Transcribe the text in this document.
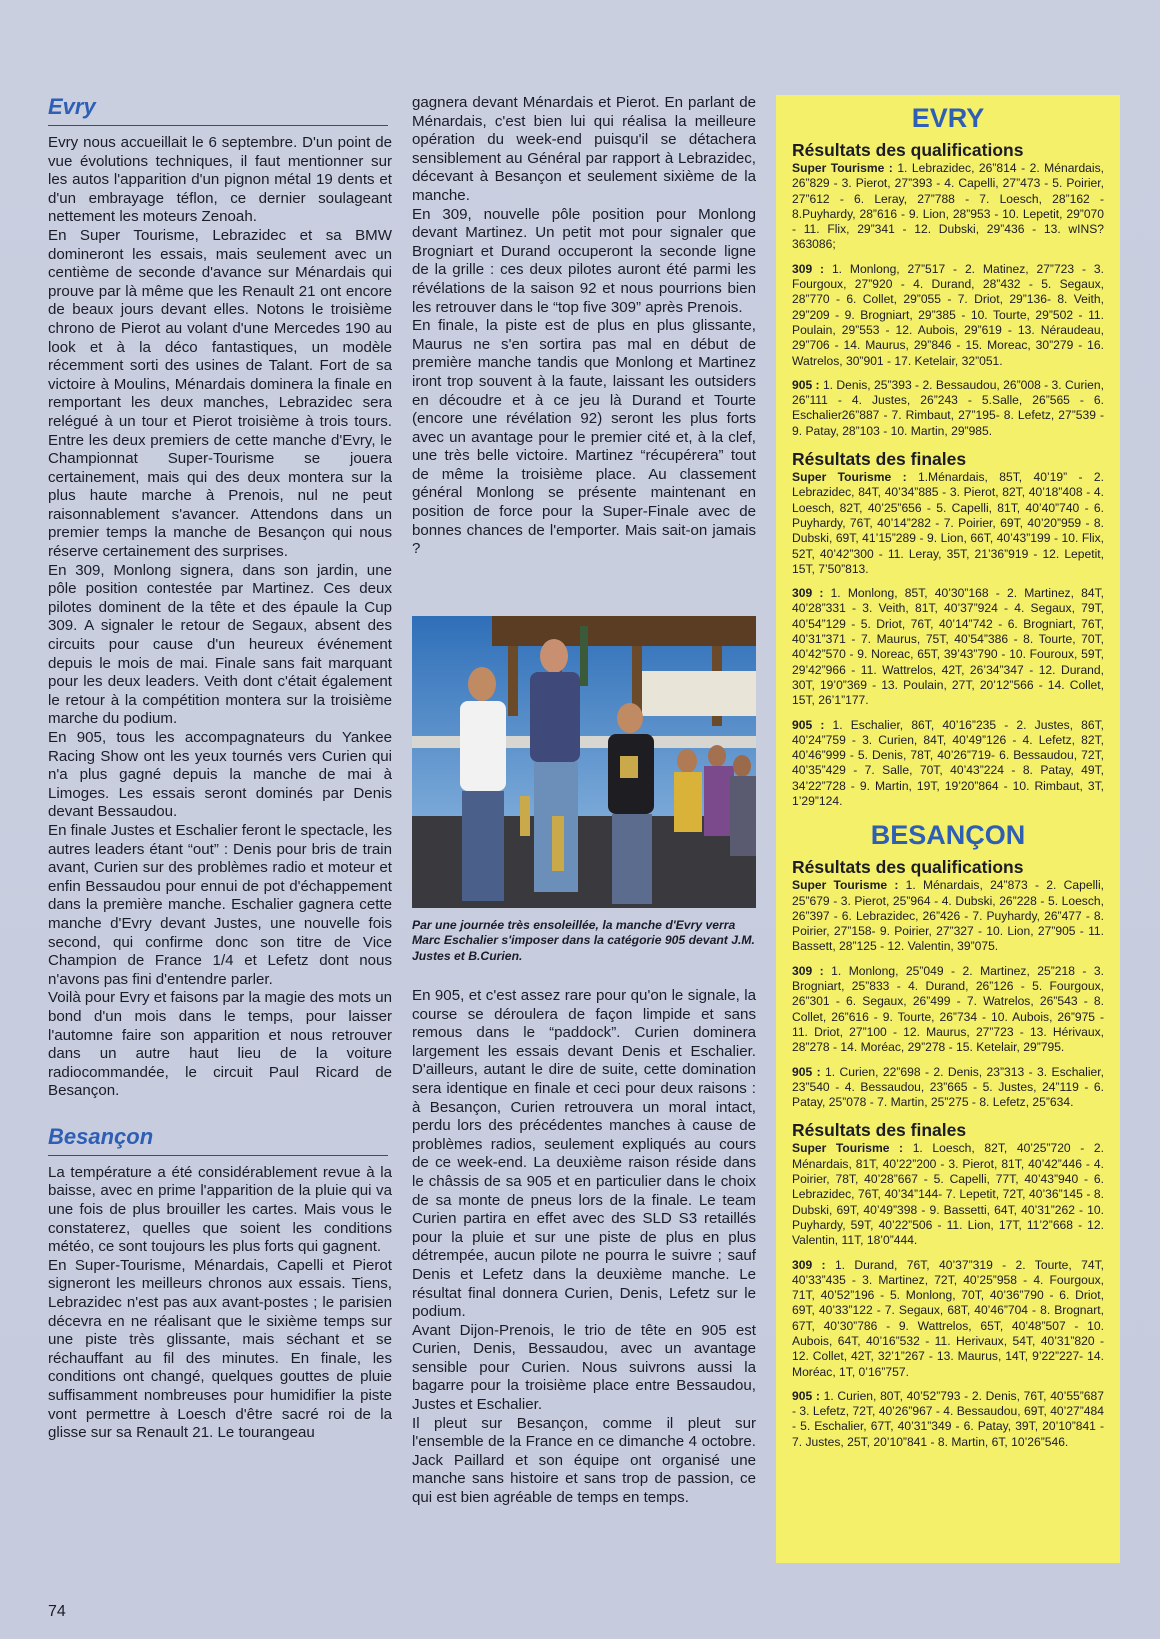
Evry

Evry nous accueillait le 6 septembre. D'un point de vue évolutions techniques, il faut mentionner sur les autos l'apparition d'un pignon métal 19 dents et d'un embrayage téflon, ce dernier soulageant nettement les moteurs Zenoah.

En Super Tourisme, Lebrazidec et sa BMW domineront les essais, mais seulement avec un centième de seconde d'avance sur Ménardais qui prouve par là même que les Renault 21 ont encore de beaux jours devant elles. Notons le troisième chrono de Pierot au volant d'une Mercedes 190 au look et à la déco fantastiques, un modèle récemment sorti des usines de Talant. Fort de sa victoire à Moulins, Ménardais dominera la finale en remportant les deux manches, Lebrazidec sera relégué à un tour et Pierot troisième à trois tours. Entre les deux premiers de cette manche d'Evry, le Championnat Super-Tourisme se jouera certainement, mais qui des deux montera sur la plus haute marche à Prenois, nul ne peut raisonnablement s'avancer. Attendons dans un premier temps la manche de Besançon qui nous réserve certainement des surprises.

En 309, Monlong signera, dans son jardin, une pôle position contestée par Martinez. Ces deux pilotes dominent de la tête et des épaule la Cup 309. A signaler le retour de Segaux, absent des circuits pour cause d'un heureux événement depuis le mois de mai. Finale sans fait marquant pour les deux leaders. Veith dont c'était également le retour à la compétition montera sur la troisième marche du podium.

En 905, tous les accompagnateurs du Yankee Racing Show ont les yeux tournés vers Curien qui n'a plus gagné depuis la manche de mai à Limoges. Les essais seront dominés par Denis devant Bessaudou.

En finale Justes et Eschalier feront le spectacle, les autres leaders étant “out” : Denis pour bris de train avant, Curien sur des problèmes radio et moteur et enfin Bessaudou pour ennui de pot d'échappement dans la première manche. Eschalier gagnera cette manche d'Evry devant Justes, une nouvelle fois second, qui confirme donc son titre de Vice Champion de France 1/4 et Lefetz dont nous n'avons pas fini d'entendre parler.

Voilà pour Evry et faisons par la magie des mots un bond d'un mois dans le temps, pour laisser l'automne faire son apparition et nous retrouver dans un autre haut lieu de la voiture radiocommandée, le circuit Paul Ricard de Besançon.

Besançon

La température a été considérablement revue à la baisse, avec en prime l'apparition de la pluie qui va une fois de plus brouiller les cartes. Mais vous le constaterez, quelles que soient les conditions météo, ce sont toujours les plus forts qui gagnent.

En Super-Tourisme, Ménardais, Capelli et Pierot signeront les meilleurs chronos aux essais. Tiens, Lebrazidec n'est pas aux avant-postes ; le parisien décevra en ne réalisant que le sixième temps sur une piste très glissante, mais séchant et se réchauffant au fil des minutes. En finale, les conditions ont changé, quelques gouttes de pluie suffisamment nombreuses pour humidifier la piste vont permettre à Loesch d'être sacré roi de la glisse sur sa Renault 21. Le tourangeau

gagnera devant Ménardais et Pierot. En parlant de Ménardais, c'est bien lui qui réalisa la meilleure opération du week-end puisqu'il se détachera sensiblement au Général par rapport à Lebrazidec, décevant à Besançon et seulement sixième de la manche.

En 309, nouvelle pôle position pour Monlong devant Martinez. Un petit mot pour signaler que Brogniart et Durand occuperont la seconde ligne de la grille : ces deux pilotes auront été parmi les révélations de la saison 92 et nous pourrions bien les retrouver dans le “top five 309” après Prenois.

En finale, la piste est de plus en plus glissante, Maurus ne s'en sortira pas mal en début de première manche tandis que Monlong et Martinez iront trop souvent à la faute, laissant les outsiders en découdre et à ce jeu là Durand et Tourte (encore une révélation 92) seront les plus forts avec un avantage pour le premier cité et, à la clef, une très belle victoire. Martinez “récupérera” tout de même la troisième place. Au classement général Monlong se présente maintenant en position de force pour la Super-Finale avec de bonnes chances de l'emporter. Mais sait-on jamais ?

Par une journée très ensoleillée, la manche d'Evry verra Marc Eschalier s'imposer dans la catégorie 905 devant J.M. Justes et B.Curien.

En 905, et c'est assez rare pour qu'on le signale, la course se déroulera de façon limpide et sans remous dans le “paddock”. Curien dominera largement les essais devant Denis et Eschalier. D'ailleurs, autant le dire de suite, cette domination sera identique en finale et ceci pour deux raisons : à Besançon, Curien retrouvera un moral intact, perdu lors des précédentes manches à cause de problèmes radios, seulement expliqués au cours de ce week-end. La deuxième raison réside dans le châssis de sa 905 et en particulier dans le choix de sa monte de pneus lors de la finale. Le team Curien partira en effet avec des SLD S3 retaillés pour la pluie et sur une piste de plus en plus détrempée, aucun pilote ne pourra le suivre ; sauf Denis et Lefetz dans la deuxième manche. Le résultat final donnera Curien, Denis, Lefetz sur le podium.

Avant Dijon-Prenois, le trio de tête en 905 est Curien, Denis, Bessaudou, avec un avantage sensible pour Curien. Nous suivrons aussi la bagarre pour la troisième place entre Bessaudou, Justes et Eschalier.

Il pleut sur Besançon, comme il pleut sur l'ensemble de la France en ce dimanche 4 octobre. Jack Paillard et son équipe ont organisé une manche sans histoire et sans trop de passion, ce qui est bien agréable de temps en temps.

EVRY
Résultats des qualifications

Super Tourisme : 1. Lebrazidec, 26”814 - 2. Ménardais, 26”829 - 3. Pierot, 27”393 - 4. Capelli, 27”473 - 5. Poirier, 27”612 - 6. Leray, 27”788 - 7. Loesch, 28”162 - 8.Puyhardy, 28”616 - 9. Lion, 28”953 - 10. Lepetit, 29”070 - 11. Flix, 29”341 - 12. Dubski, 29”436 - 13. wINS? 363086;

309 : 1. Monlong, 27”517 - 2. Matinez, 27”723 - 3. Fourgoux, 27”920 - 4. Durand, 28”432 - 5. Segaux, 28”770 - 6. Collet, 29”055 - 7. Driot, 29”136- 8. Veith, 29”209 - 9. Brogniart, 29”385 - 10. Tourte, 29”502 - 11. Poulain, 29”553 - 12. Aubois, 29”619 - 13. Néraudeau, 29”706 - 14. Maurus, 29”846 - 15. Moreac, 30”279 - 16. Watrelos, 30”901 - 17. Ketelair, 32”051.

905 : 1. Denis, 25”393 - 2. Bessaudou, 26”008 - 3. Curien, 26”111 - 4. Justes, 26”243 - 5.Salle, 26”565 - 6. Eschalier26”887 - 7. Rimbaut, 27”195- 8. Lefetz, 27”539 - 9. Patay, 28”103 - 10. Martin, 29”985.

Résultats des finales

Super Tourisme : 1.Ménardais, 85T, 40’19” - 2. Lebrazidec, 84T, 40’34”885 - 3. Pierot, 82T, 40’18”408 - 4. Loesch, 82T, 40’25”656 - 5. Capelli, 81T, 40’40”740 - 6. Puyhardy, 76T, 40’14”282 - 7. Poirier, 69T, 40’20”959 - 8. Dubski, 69T, 41’15”289 - 9. Lion, 66T, 40’43”199 - 10. Flix, 52T, 40’42”300 - 11. Leray, 35T, 21’36”919 - 12. Lepetit, 15T, 7’50”813.

309 : 1. Monlong, 85T, 40’30”168 - 2. Martinez, 84T, 40’28”331 - 3. Veith, 81T, 40’37”924 - 4. Segaux, 79T, 40’54”129 - 5. Driot, 76T, 40’14”742 - 6. Brogniart, 76T, 40’31”371 - 7. Maurus, 75T, 40’54”386 - 8. Tourte, 70T, 40’42”570 - 9. Noreac, 65T, 39’43”790 - 10. Fouroux, 59T, 29’42”966 - 11. Wattrelos, 42T, 26’34”347 - 12. Durand, 30T, 19’0”369 - 13. Poulain, 27T, 20’12”566 - 14. Collet, 15T, 26’1”177.

905 : 1. Eschalier, 86T, 40’16”235 - 2. Justes, 86T, 40’24”759 - 3. Curien, 84T, 40’49”126 - 4. Lefetz, 82T, 40’46”999 - 5. Denis, 78T, 40’26”719- 6. Bessaudou, 72T, 40’35”429 - 7. Salle, 70T, 40’43”224 - 8. Patay, 49T, 34’22”728 - 9. Martin, 19T, 19’20”864 - 10. Rimbaut, 3T, 1’29”124.

BESANÇON
Résultats des qualifications

Super Tourisme : 1. Ménardais, 24”873 - 2. Capelli, 25”679 - 3. Pierot, 25”964 - 4. Dubski, 26”228 - 5. Loesch, 26”397 - 6. Lebrazidec, 26”426 - 7. Puyhardy, 26”477 - 8. Poirier, 27”158- 9. Poirier, 27”327 - 10. Lion, 27”905 - 11. Bassett, 28”125 - 12. Valentin, 39”075.

309 : 1. Monlong, 25”049 - 2. Martinez, 25”218 - 3. Brogniart, 25”833 - 4. Durand, 26”126 - 5. Fourgoux, 26”301 - 6. Segaux, 26”499 - 7. Watrelos, 26”543 - 8. Collet, 26”616 - 9. Tourte, 26”734 - 10. Aubois, 26”975 - 11. Driot, 27”100 - 12. Maurus, 27”723 - 13. Hérivaux, 28”278 - 14. Moréac, 29”278 - 15. Ketelair, 29”795.

905 : 1. Curien, 22”698 - 2. Denis, 23”313 - 3. Eschalier, 23”540 - 4. Bessaudou, 23”665 - 5. Justes, 24”119 - 6. Patay, 25”078 - 7. Martin, 25”275 - 8. Lefetz, 25”634.

Résultats des finales

Super Tourisme : 1. Loesch, 82T, 40’25”720 - 2. Ménardais, 81T, 40’22”200 - 3. Pierot, 81T, 40’42”446 - 4. Poirier, 78T, 40’28”667 - 5. Capelli, 77T, 40’43”940 - 6. Lebrazidec, 76T, 40’34”144- 7. Lepetit, 72T, 40’36”145 - 8. Dubski, 69T, 40’49”398 - 9. Bassetti, 64T, 40’31”262 - 10. Puyhardy, 59T, 40’22”506 - 11. Lion, 17T, 11’2”668 - 12. Valentin, 11T, 18’0”444.

309 : 1. Durand, 76T, 40’37”319 - 2. Tourte, 74T, 40’33”435 - 3. Martinez, 72T, 40’25”958 - 4. Fourgoux, 71T, 40’52”196 - 5. Monlong, 70T, 40’36”790 - 6. Driot, 69T, 40’33”122 - 7. Segaux, 68T, 40’46”704 - 8. Brognart, 67T, 40’30”786 - 9. Wattrelos, 65T, 40’48”507 - 10. Aubois, 64T, 40’16”532 - 11. Herivaux, 54T, 40’31”820 - 12. Collet, 42T, 32’1”267 - 13. Maurus, 14T, 9’22”227- 14. Moréac, 1T, 0’16”757.

905 : 1. Curien, 80T, 40’52”793 - 2. Denis, 76T, 40’55”687 - 3. Lefetz, 72T, 40’26”967 - 4. Bessaudou, 69T, 40’27”484 - 5. Eschalier, 67T, 40’31”349 - 6. Patay, 39T, 20’10”841 - 7. Justes, 25T, 20’10”841 - 8. Martin, 6T, 10’26”546.

74
